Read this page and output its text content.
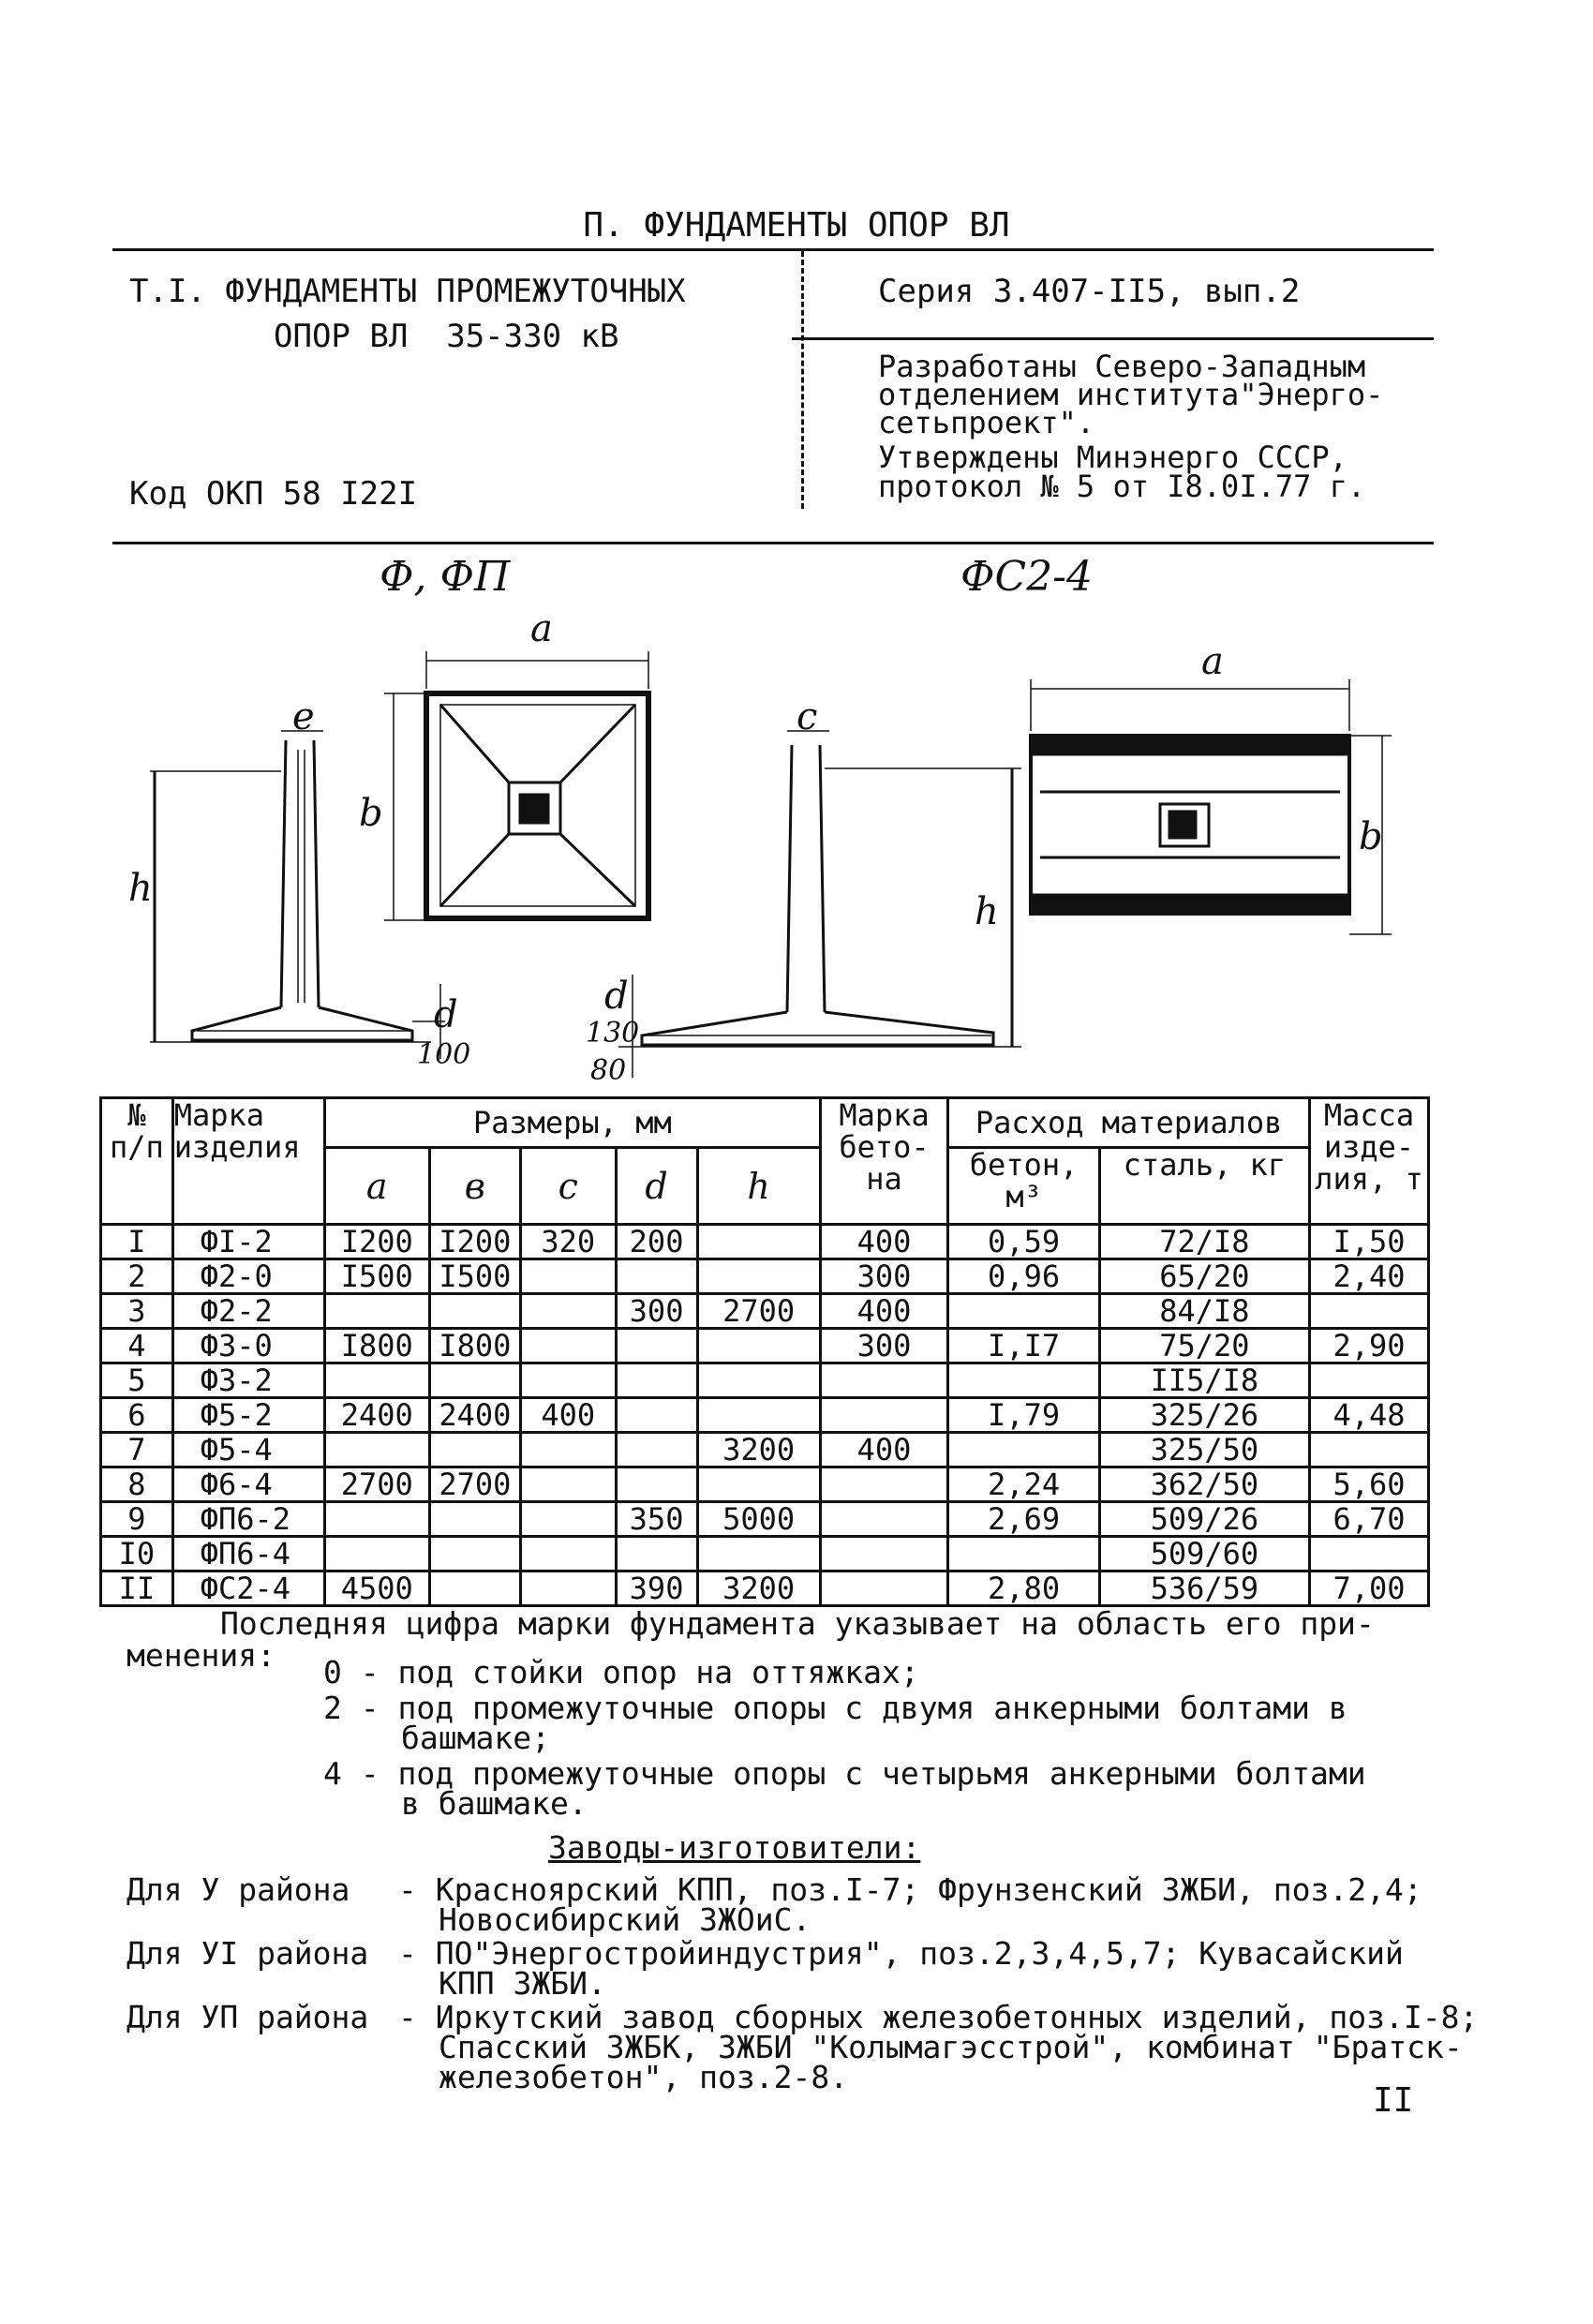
П. ФУНДАМЕНТЫ ОПОР ВЛ
Т.I. ФУНДАМЕНТЫ ПРОМЕЖУТОЧНЫХ
ОПОР ВЛ  35-330 кВ
Код ОКП 58 I22I
Серия 3.407-II5, вып.2
Разработаны Северо-Западным
отделением института"Энерго-
сетьпроект".
Утверждены Минэнерго СССР,
протокол № 5 от I8.0I.77 г.
Ф, ФП	ФС2-4
a
e
b
h
d
100
a
c
b
h
d
130
80
№ п/п	Марка изделия	Размеры, мм					Марка бето-на	Расход материалов		Масса изде-лия, т
		a	в	c	d	h		бетон, м³	сталь, кг	
I	ФI-2	I200	I200	320	200		400	0,59	72/I8	I,50
2	Ф2-0	I500	I500				300	0,96	65/20	2,40
3	Ф2-2				300	2700	400		84/I8	
4	Ф3-0	I800	I800				300	I,I7	75/20	2,90
5	Ф3-2								II5/I8	
6	Ф5-2	2400	2400	400				I,79	325/26	4,48
7	Ф5-4					3200	400		325/50	
8	Ф6-4	2700	2700					2,24	362/50	5,60
9	ФП6-2				350	5000		2,69	509/26	6,70
I0	ФП6-4								509/60	
II	ФС2-4	4500			390	3200		2,80	536/59	7,00
Последняя цифра марки фундамента указывает на область его при-
менения: 0 - под стойки опор на оттяжках;
2 - под промежуточные опоры с двумя анкерными болтами в
башмаке;
4 - под промежуточные опоры с четырьмя анкерными болтами
в башмаке.
Заводы-изготовители:
Для У района - Красноярский КПП, поз.I-7; Фрунзенский ЗЖБИ, поз.2,4;
Новосибирский ЗЖОиС.
Для УI района - ПО"Энергостройиндустрия", поз.2,3,4,5,7; Кувасайский
КПП ЗЖБИ.
Для УП района - Иркутский завод сборных железобетонных изделий, поз.I-8;
Спасский ЗЖБК, ЗЖБИ "Колымагэсстрой", комбинат "Братск-
железобетон", поз.2-8.
II
